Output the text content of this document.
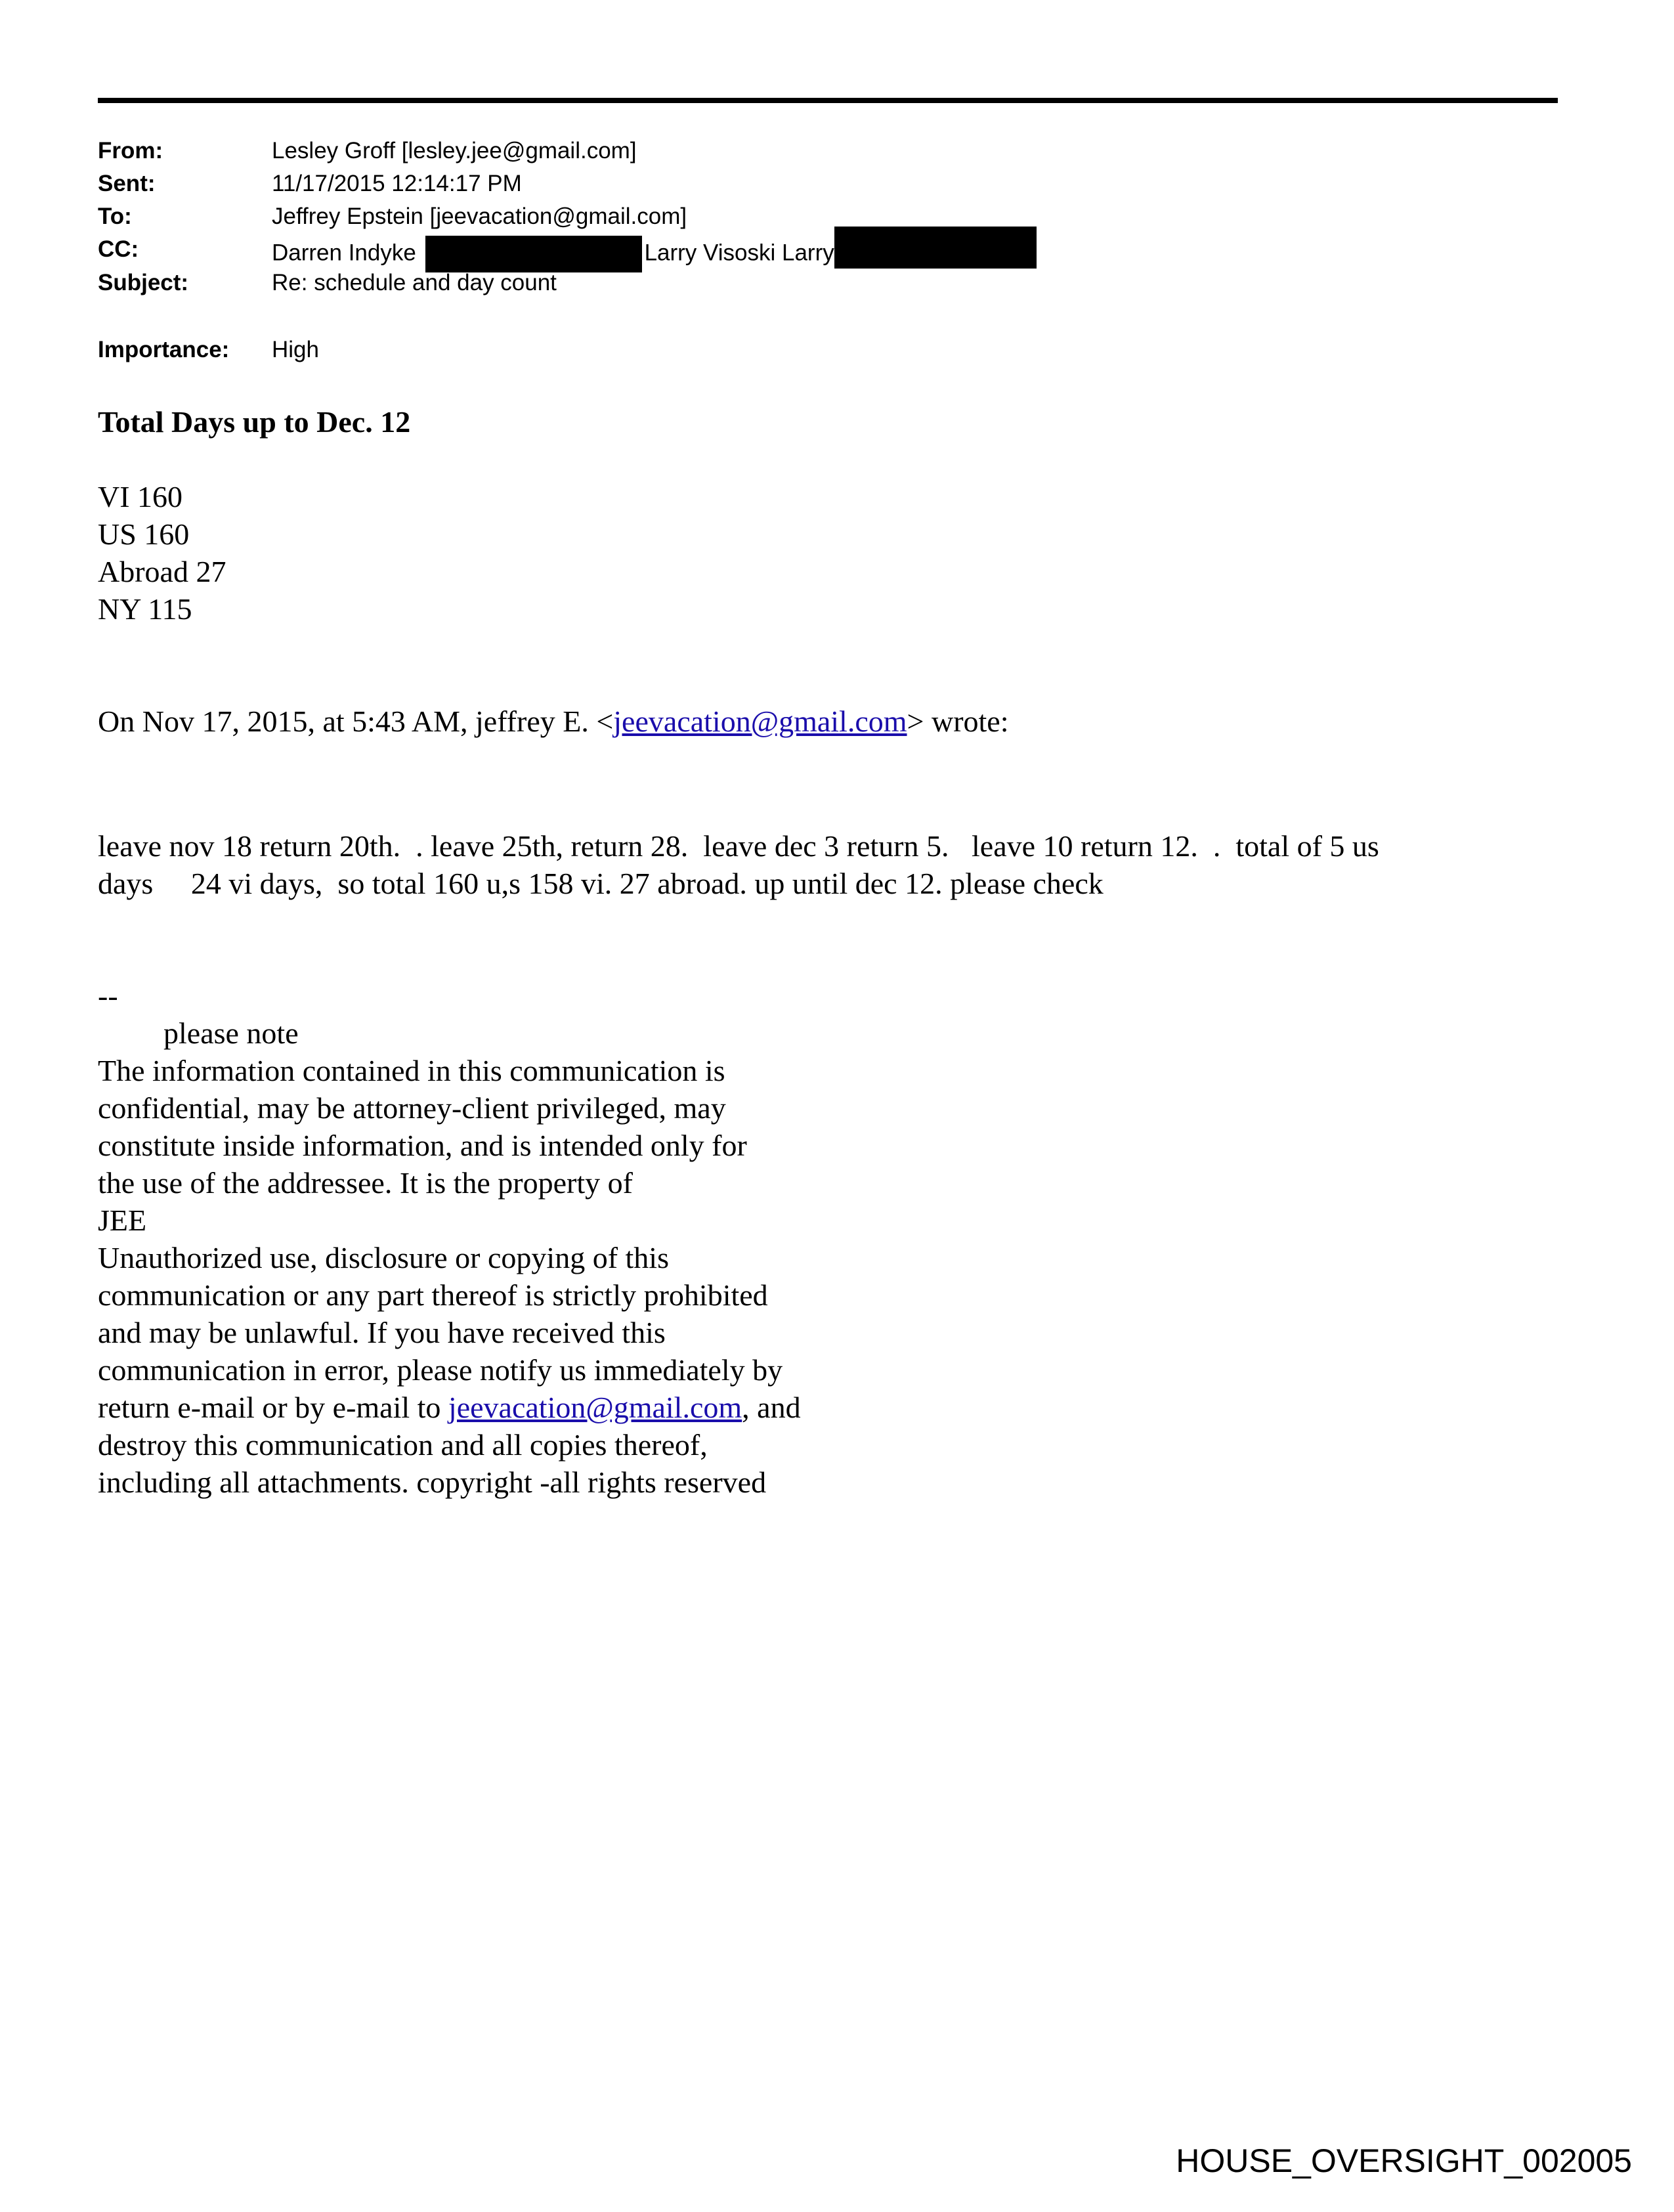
From:	Lesley Groff [lesley.jee@gmail.com]
Sent:	11/17/2015 12:14:17 PM
To:	Jeffrey Epstein [jeevacation@gmail.com]
CC:	Darren Indyke	Larry Visoski Larry
Subject:	Re: schedule and day count
Importance: High
Total Days up to Dec. 12
VI 160
US 160
Abroad 27
NY 115
On Nov 17, 2015, at 5:43 AM, jeffrey E. <jeevacation@gmail.com> wrote:
leave nov 18 return 20th.  . leave 25th, return 28.  leave dec 3 return 5.   leave 10 return 12.  .  total of 5 us
days     24 vi days,  so total 160 u,s 158 vi. 27 abroad. up until dec 12. please check
--
please note
The information contained in this communication is
confidential, may be attorney-client privileged, may
constitute inside information, and is intended only for
the use of the addressee. It is the property of
JEE
Unauthorized use, disclosure or copying of this
communication or any part thereof is strictly prohibited
and may be unlawful. If you have received this
communication in error, please notify us immediately by
return e-mail or by e-mail to jeevacation@gmail.com, and
destroy this communication and all copies thereof,
including all attachments. copyright -all rights reserved
HOUSE_OVERSIGHT_002005
